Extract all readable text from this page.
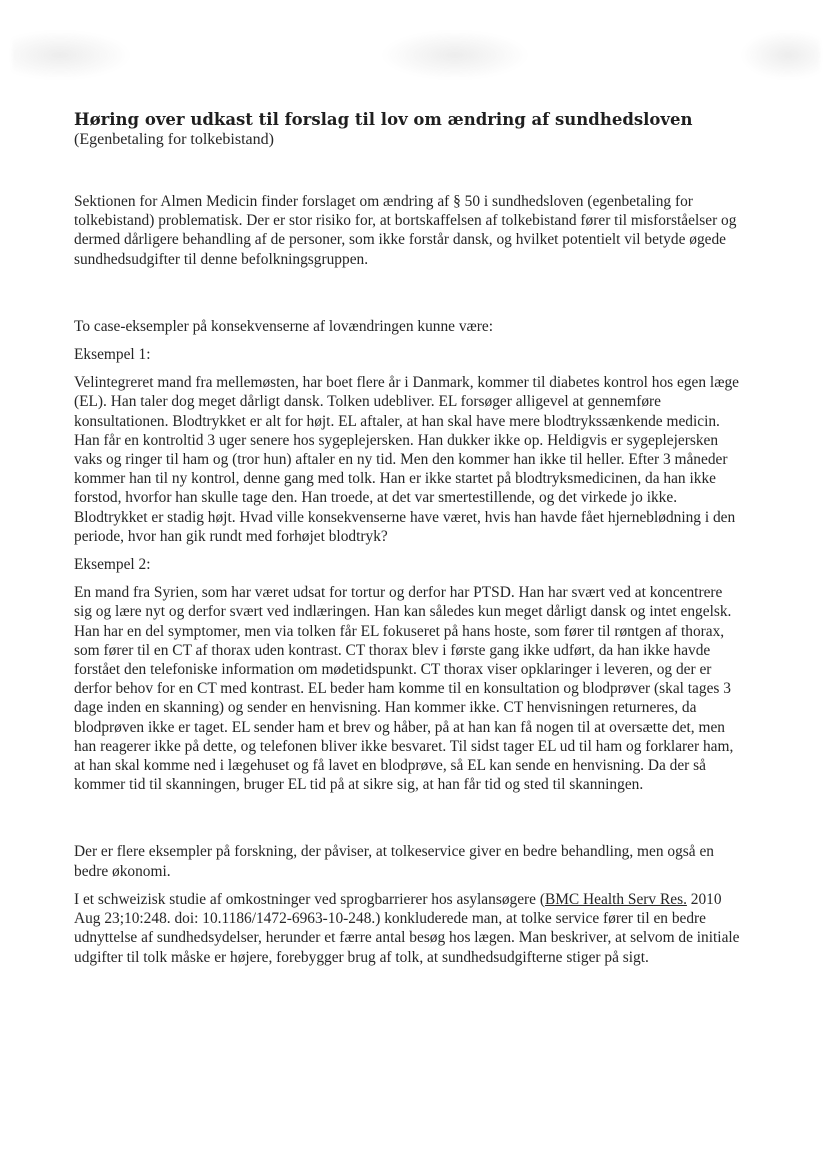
Høring over udkast til forslag til lov om ændring af sundhedsloven

(Egenbetaling for tolkebistand)

Sektionen for Almen Medicin finder forslaget om ændring af § 50 i sundhedsloven (egenbetaling for tolkebistand) problematisk. Der er stor risiko for, at bortskaffelsen af tolkebistand fører til misforståelser og dermed dårligere behandling af de personer, som ikke forstår dansk, og hvilket potentielt vil betyde øgede sundhedsudgifter til denne befolkningsgruppen.

To case-eksempler på konsekvenserne af lovændringen kunne være:

Eksempel 1:

Velintegreret mand fra mellemøsten, har boet flere år i Danmark, kommer til diabetes kontrol hos egen læge (EL). Han taler dog meget dårligt dansk. Tolken udebliver. EL forsøger alligevel at gennemføre konsultationen. Blodtrykket er alt for højt. EL aftaler, at han skal have mere blodtrykssænkende medicin. Han får en kontroltid 3 uger senere hos sygeplejersken. Han dukker ikke op. Heldigvis er sygeplejersken vaks og ringer til ham og (tror hun) aftaler en ny tid. Men den kommer han ikke til heller. Efter 3 måneder kommer han til ny kontrol, denne gang med tolk. Han er ikke startet på blodtryksmedicinen, da han ikke forstod, hvorfor han skulle tage den. Han troede, at det var smertestillende, og det virkede jo ikke. Blodtrykket er stadig højt. Hvad ville konsekvenserne have været, hvis han havde fået hjerneblødning i den periode, hvor han gik rundt med forhøjet blodtryk?

Eksempel 2:

En mand fra Syrien, som har været udsat for tortur og derfor har PTSD. Han har svært ved at koncentrere sig og lære nyt og derfor svært ved indlæringen. Han kan således kun meget dårligt dansk og intet engelsk. Han har en del symptomer, men via tolken får EL fokuseret på hans hoste, som fører til røntgen af thorax, som fører til en CT af thorax uden kontrast. CT thorax blev i første gang ikke udført, da han ikke havde forstået den telefoniske information om mødetidspunkt. CT thorax viser opklaringer i leveren, og der er derfor behov for en CT med kontrast. EL beder ham komme til en konsultation og blodprøver (skal tages 3 dage inden en skanning) og sender en henvisning. Han kommer ikke. CT henvisningen returneres, da blodprøven ikke er taget. EL sender ham et brev og håber, på at han kan få nogen til at oversætte det, men han reagerer ikke på dette, og telefonen bliver ikke besvaret. Til sidst tager EL ud til ham og forklarer ham, at han skal komme ned i lægehuset og få lavet en blodprøve, så EL kan sende en henvisning. Da der så kommer tid til skanningen, bruger EL tid på at sikre sig, at han får tid og sted til skanningen.

Der er flere eksempler på forskning, der påviser, at tolkeservice giver en bedre behandling, men også en bedre økonomi.

I et schweizisk studie af omkostninger ved sprogbarrierer hos asylansøgere (BMC Health Serv Res. 2010 Aug 23;10:248. doi: 10.1186/1472-6963-10-248.) konkluderede man, at tolke service fører til en bedre udnyttelse af sundhedsydelser, herunder et færre antal besøg hos lægen. Man beskriver, at selvom de initiale udgifter til tolk måske er højere, forebygger brug af tolk, at sundhedsudgifterne stiger på sigt.
